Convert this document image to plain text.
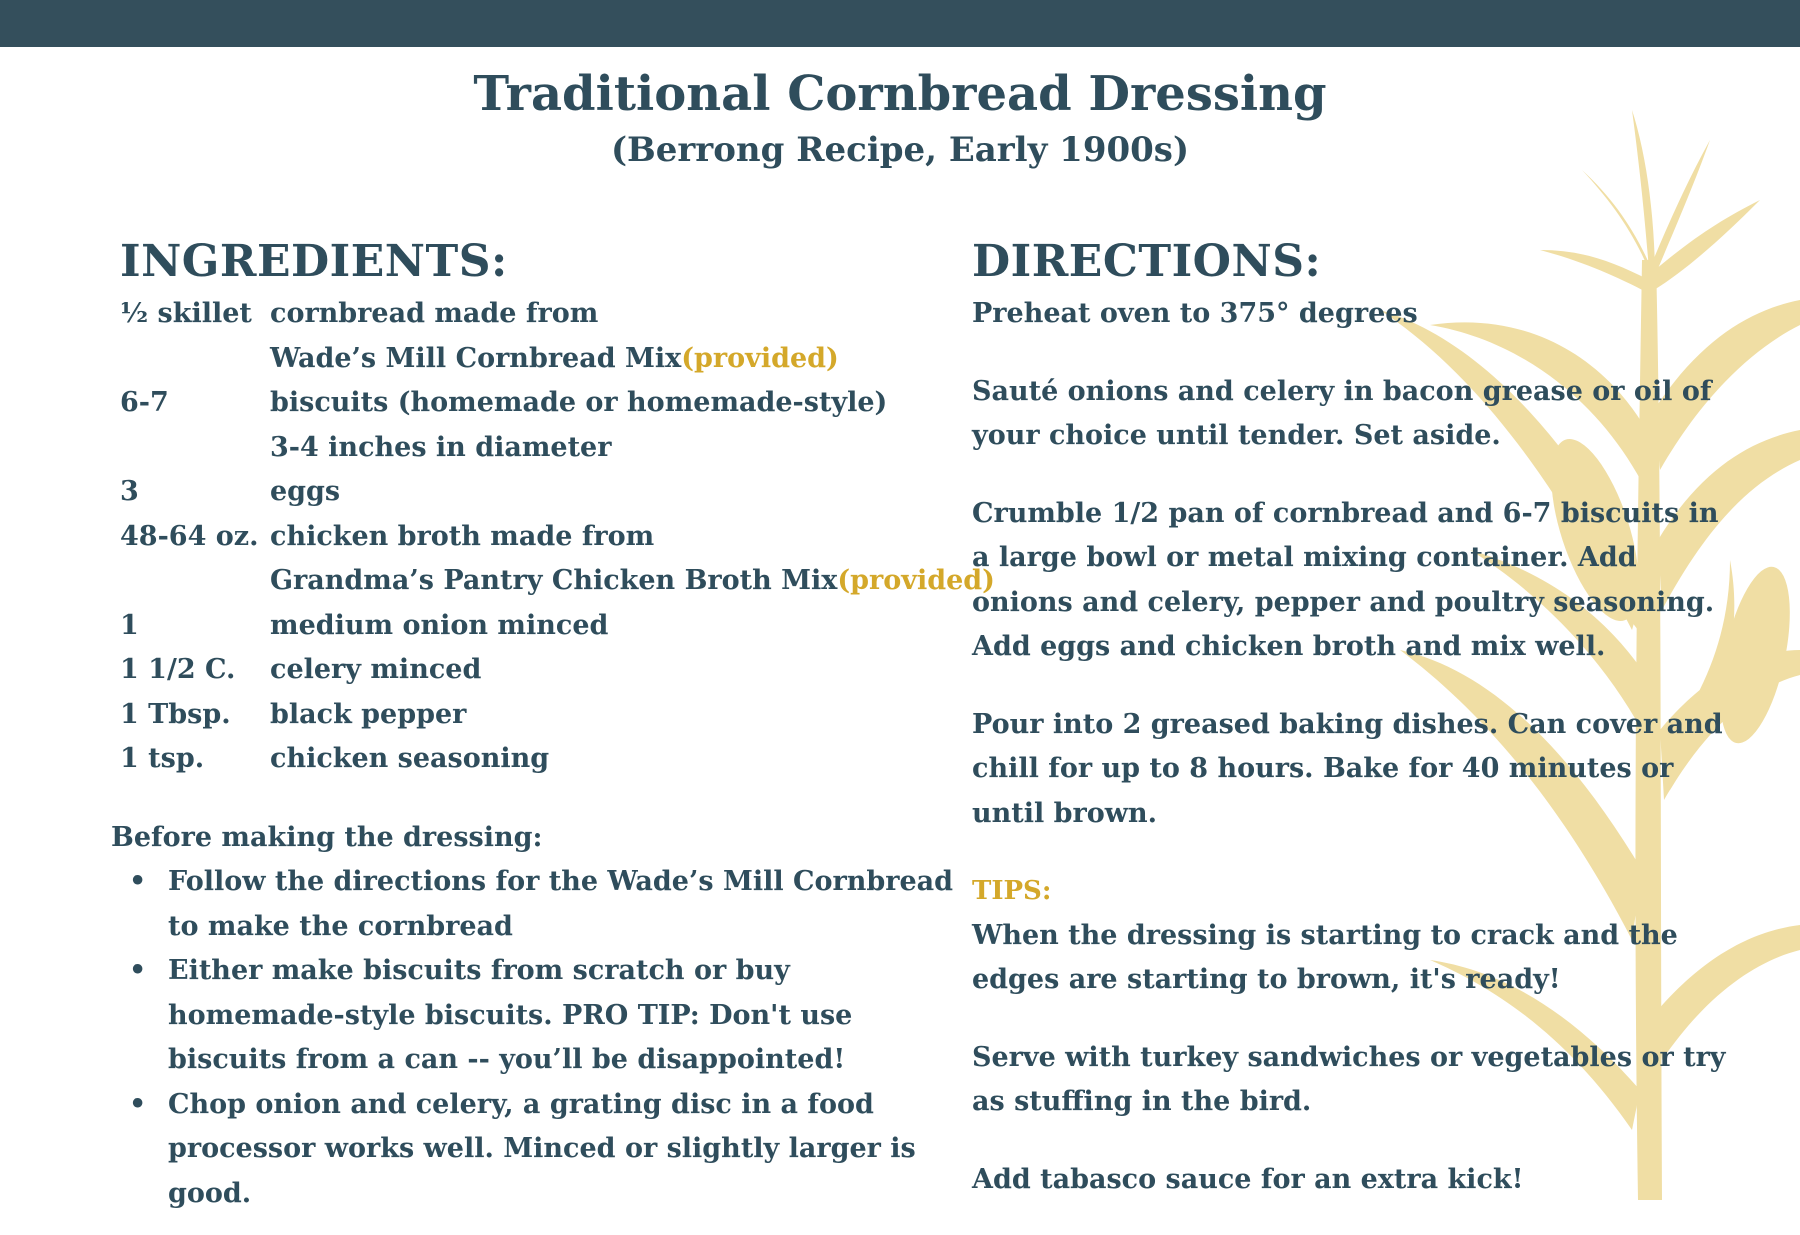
Traditional Cornbread Dressing

(Berrong Recipe, Early 1900s)

INGREDIENTS:
½ skillet cornbread made from
Wade’s Mill Cornbread Mix(provided)
6-7	biscuits (homemade or homemade-style)
3-4 inches in diameter
3	eggs
48-64 oz. chicken broth made from
Grandma’s Pantry Chicken Broth Mix(provided)
1	medium onion minced
1 1/2 C. celery minced
1 Tbsp. black pepper
1 tsp. chicken seasoning

Before making the dressing:

• Follow the directions for the Wade’s Mill Cornbread to make the cornbread
• Either make biscuits from scratch or buy homemade-style biscuits. PRO TIP: Don't use biscuits from a can -- you’ll be disappointed!
• Chop onion and celery, a grating disc in a food processor works well. Minced or slightly larger is good.
DIRECTIONS:

Preheat oven to 375° degrees

Sauté onions and celery in bacon grease or oil of your choice until tender. Set aside.

Crumble 1/2 pan of cornbread and 6-7 biscuits in a large bowl or metal mixing container. Add onions and celery, pepper and poultry seasoning. Add eggs and chicken broth and mix well.

Pour into 2 greased baking dishes. Can cover and chill for up to 8 hours. Bake for 40 minutes or until brown.

TIPS:

When the dressing is starting to crack and the edges are starting to brown, it's ready!

Serve with turkey sandwiches or vegetables or try as stuffing in the bird.

Add tabasco sauce for an extra kick!
